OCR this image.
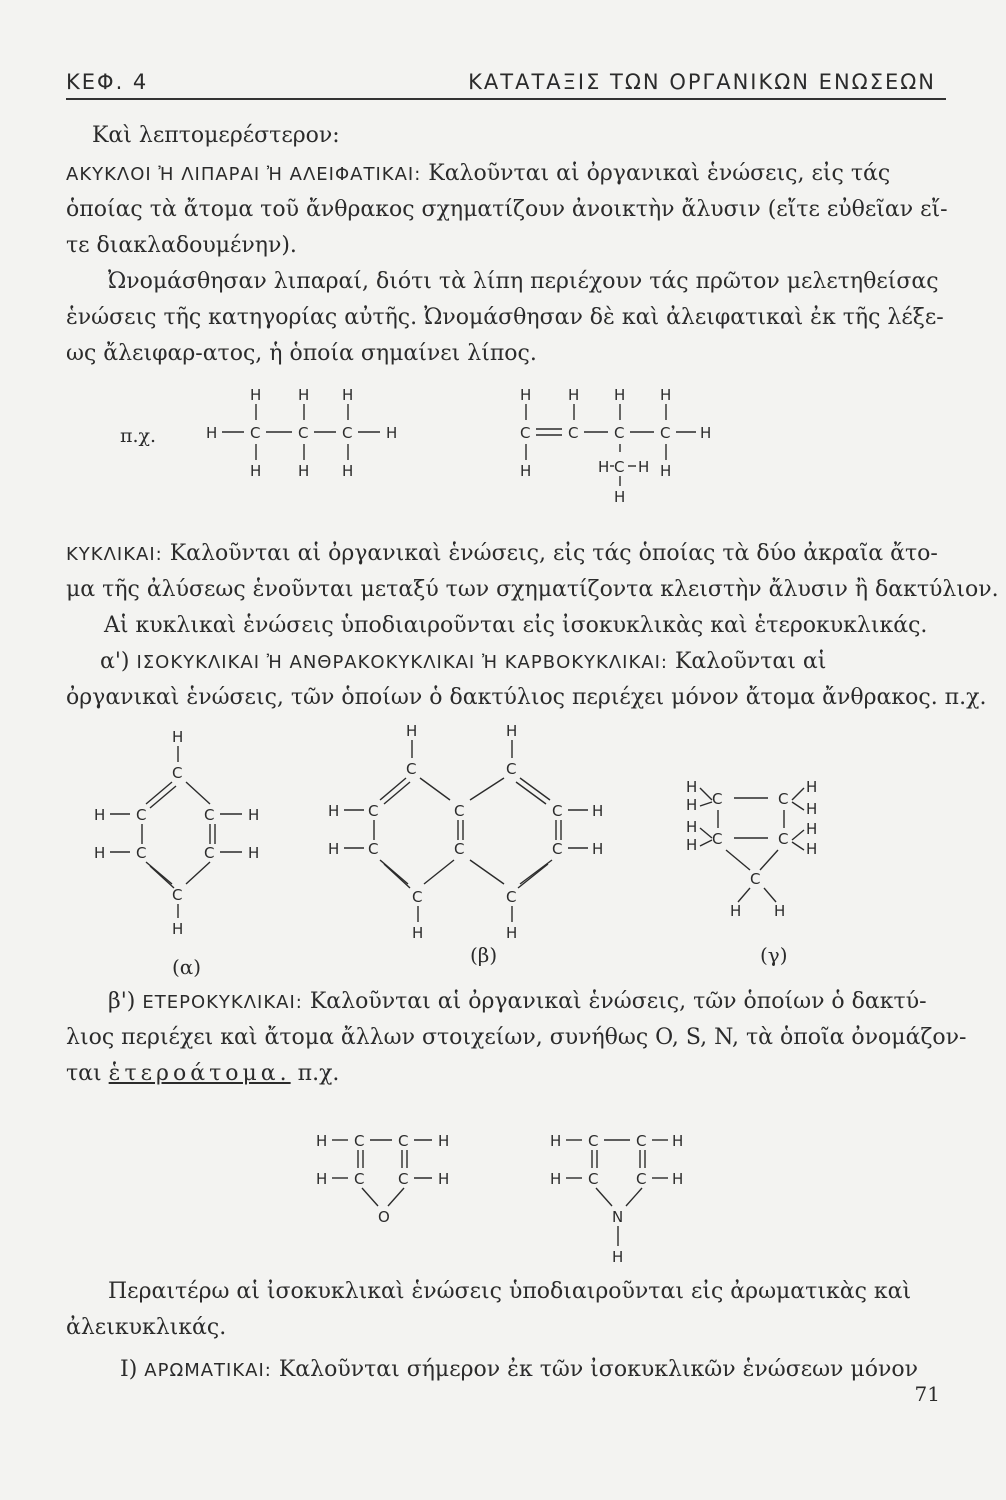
ΚΕΦ. 4	ΚΑΤΑΤΑΞΙΣ ΤΩΝ ΟΡΓΑΝΙΚΩΝ ΕΝΩΣΕΩΝ
Καὶ λεπτομερέστερον:
ΑΚΥΚΛΟΙ Ἠ ΛΙΠΑΡΑΙ Ἠ ΑΛΕΙΦΑΤΙΚΑΙ: Καλοῦνται αἱ ὀργανικαὶ ἑνώσεις, εἰς τάς
ὁποίας τὰ ἄτομα τοῦ ἄνθρακος σχηματίζουν ἀνοικτὴν ἄλυσιν (εἴτε εὐθεῖαν εἴ-
τε διακλαδουμένην).
Ὠνομάσθησαν λιπαραί, διότι τὰ λίπη περιέχουν τάς πρῶτον μελετηθείσας
ἑνώσεις τῆς κατηγορίας αὐτῆς. Ὠνομάσθησαν δὲ καὶ ἀλειφατικαὶ ἐκ τῆς λέξε-
ως ἄλειφαρ-ατος, ἡ ὁποία σημαίνει λίπος.
π.χ.
H H H
H C	C C H
H H H
H H H H
C	C C C H
H	H C H H
H
ΚΥΚΛΙΚΑΙ: Καλοῦνται αἱ ὀργανικαὶ ἑνώσεις, εἰς τάς ὁποίας τὰ δύο ἀκραῖα ἄτο-
μα τῆς ἀλύσεως ἑνοῦνται μεταξύ των σχηματίζοντα κλειστὴν ἄλυσιν ἢ δακτύλιον.
Αἱ κυκλικαὶ ἑνώσεις ὑποδιαιροῦνται εἰς ἰσοκυκλικὰς καὶ ἑτεροκυκλικάς.
α') ΙΣΟΚΥΚΛΙΚΑΙ Ἠ ΑΝΘΡΑΚΟΚΥΚΛΙΚΑΙ Ἠ ΚΑΡΒΟΚΥΚΛΙΚΑΙ: Καλοῦνται αἱ
ὀργανικαὶ ἑνώσεις, τῶν ὁποίων ὁ δακτύλιος περιέχει μόνον ἄτομα ἄνθρακος. π.χ.
H
C
H C	C H
H C	C H
C
H
H
C
H
C
H C	C	C H
H C	C	C H
C
H
C
H
H
H C	C
H
H
H
H C	C
H
H
C
H H
(α)	(β)	(γ)
β') ΕΤΕΡΟΚΥΚΛΙΚΑΙ: Καλοῦνται αἱ ὀργανικαὶ ἑνώσεις, τῶν ὁποίων ὁ δακτύ-
λιος περιέχει καὶ ἄτομα ἄλλων στοιχείων, συνήθως O, S, N, τὰ ὁποῖα ὀνομάζον-
ται ἑτεροάτομα. π.χ.
H C C H
H C C H
O
H C	C H
H C	C H
N
H
Περαιτέρω αἱ ἰσοκυκλικαὶ ἑνώσεις ὑποδιαιροῦνται εἰς ἀρωματικὰς καὶ
ἀλεικυκλικάς.
Ι) ΑΡΩΜΑΤΙΚΑΙ: Καλοῦνται σήμερον ἐκ τῶν ἰσοκυκλικῶν ἑνώσεων μόνον
71
